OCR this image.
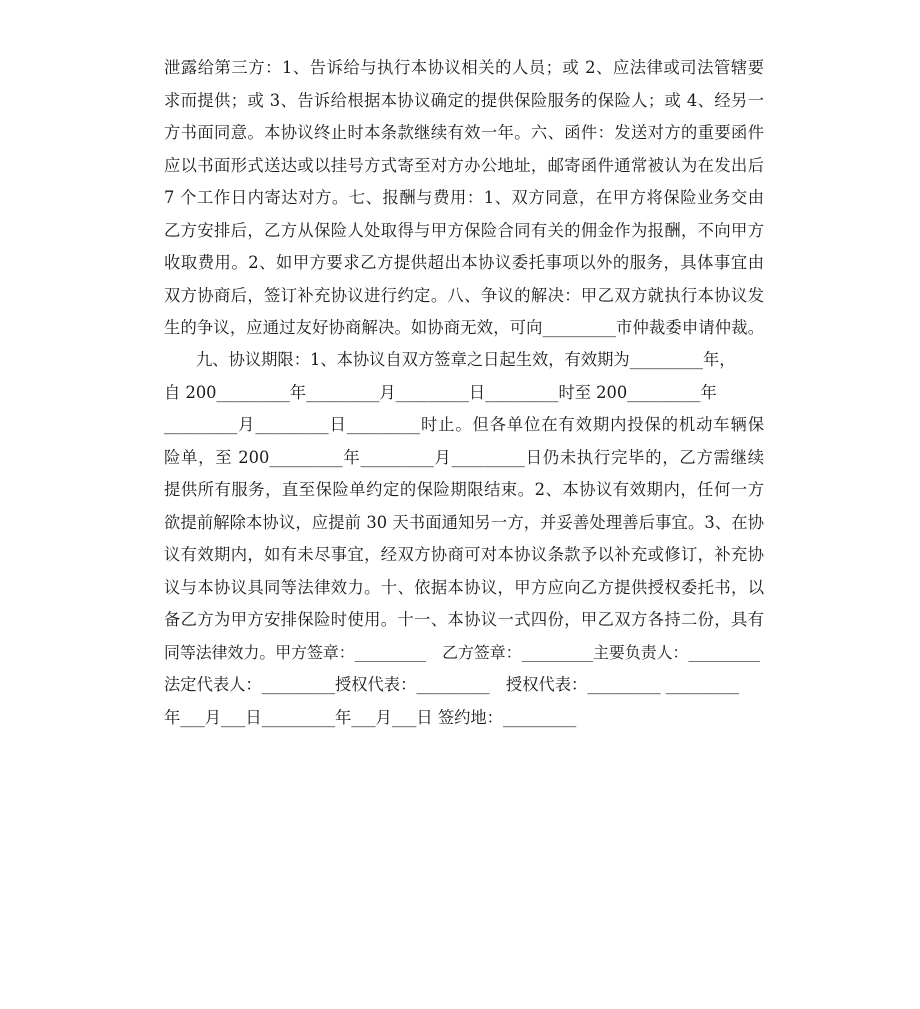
泄露给第三方：1、告诉给与执行本协议相关的人员；或 2、应法律或司法管辖要
求而提供；或 3、告诉给根据本协议确定的提供保险服务的保险人；或 4、经另一
方书面同意。本协议终止时本条款继续有效一年。六、函件：发送对方的重要函件
应以书面形式送达或以挂号方式寄至对方办公地址，邮寄函件通常被认为在发出后
7 个工作日内寄达对方。七、报酬与费用：1、双方同意，在甲方将保险业务交由
乙方安排后，乙方从保险人处取得与甲方保险合同有关的佣金作为报酬，不向甲方
收取费用。2、如甲方要求乙方提供超出本协议委托事项以外的服务，具体事宜由
双方协商后，签订补充协议进行约定。八、争议的解决：甲乙双方就执行本协议发
生的争议，应通过友好协商解决。如协商无效，可向_________市仲裁委申请仲裁。
九、协议期限：1、本协议自双方签章之日起生效，有效期为_________年，
自 200_________年_________月_________日_________时至 200_________年
_________月_________日_________时止。但各单位在有效期内投保的机动车辆保
险单，至 200_________年_________月_________日仍未执行完毕的，乙方需继续
提供所有服务，直至保险单约定的保险期限结束。2、本协议有效期内，任何一方
欲提前解除本协议，应提前 30 天书面通知另一方，并妥善处理善后事宜。3、在协
议有效期内，如有未尽事宜，经双方协商可对本协议条款予以补充或修订，补充协
议与本协议具同等法律效力。十、依据本协议，甲方应向乙方提供授权委托书，以
备乙方为甲方安排保险时使用。十一、本协议一式四份，甲乙双方各持二份，具有
同等法律效力。甲方签章：_________　乙方签章：_________主要负责人：_________
法定代表人：_________授权代表：_________　授权代表：_________ _________
年___月___日_________年___月___日 签约地：_________
